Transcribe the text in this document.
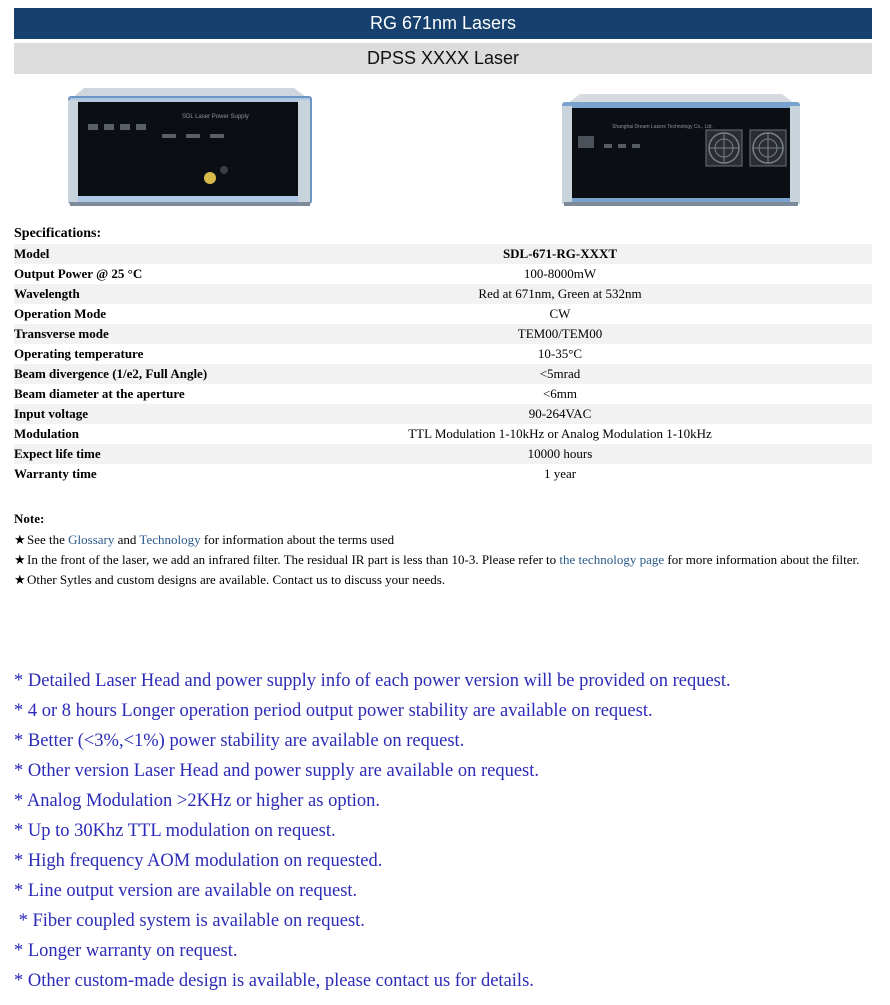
RG 671nm Lasers
DPSS XXXX Laser
SDL Laser Power Supply
Shanghai Dream Lasers Technology Co., Ltd.
Specifications:
Model	SDL-671-RG-XXXT
Output Power @ 25 °C	100-8000mW
Wavelength	Red at 671nm, Green at 532nm
Operation Mode	CW
Transverse mode	TEM00/TEM00
Operating temperature	10-35°C
Beam divergence (1/e2, Full Angle)	<5mrad
Beam diameter at the aperture	<6mm
Input voltage	90-264VAC
Modulation	TTL Modulation 1-10kHz or Analog Modulation 1-10kHz
Expect life time	10000 hours
Warranty time	1 year
Note:
★ See the Glossary and Technology for information about the terms used
★ In the front of the laser, we add an infrared filter. The residual IR part is less than 10-3. Please refer to the technology page for more information about the filter.
★ Other Sytles and custom designs are available. Contact us to discuss your needs.
* Detailed Laser Head and power supply info of each power version will be provided on request.
* 4 or 8 hours Longer operation period output power stability are available on request.
* Better (<3%,<1%) power stability are available on request.
* Other version Laser Head and power supply are available on request.
* Analog Modulation >2KHz or higher as option.
* Up to 30Khz TTL modulation on request.
* High frequency AOM modulation on requested.
* Line output version are available on request.
* Fiber coupled system is available on request.
* Longer warranty on request.
* Other custom-made design is available, please contact us for details.
